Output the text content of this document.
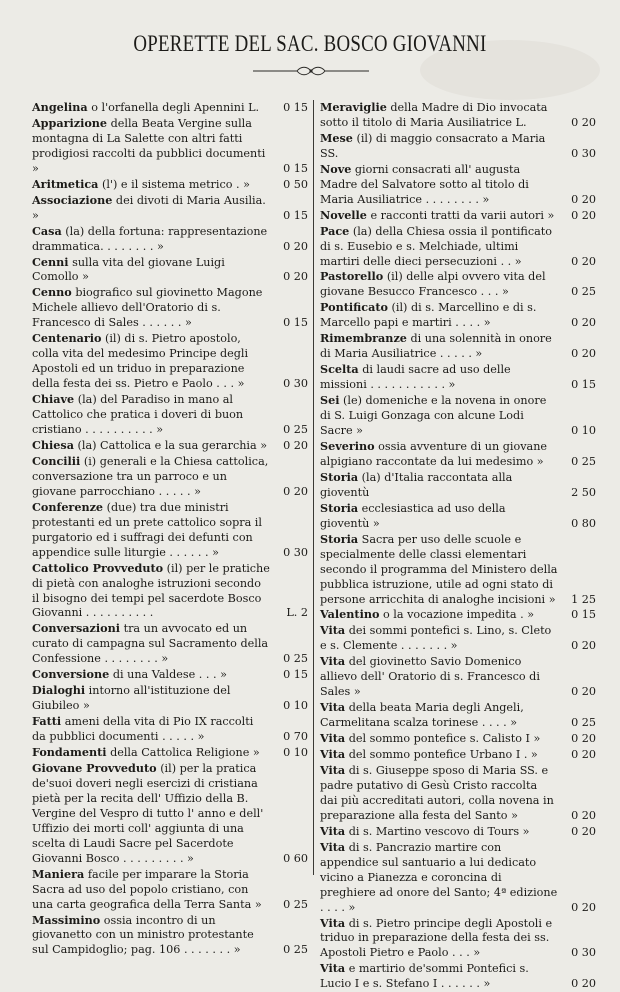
OPERETTE DEL SAC. BOSCO GIOVANNI
Angelina o l'orfanella degli Apennini L.	0 15
Apparizione della Beata Vergine sulla montagna di La Salette con altri fatti prodigiosi raccolti da pubblici documenti »	0 15
Aritmetica (l') e il sistema metrico . »	0 50
Associazione dei divoti di Maria Ausilia. »	0 15
Casa (la) della fortuna: rappresentazione drammatica. . . . . . . . »	0 20
Cenni sulla vita del giovane Luigi Comollo »	0 20
Cenno biografico sul giovinetto Magone Michele allievo dell'Oratorio di s. Francesco di Sales . . . . . . »	0 15
Centenario (il) di s. Pietro apostolo, colla vita del medesimo Principe degli Apostoli ed un triduo in preparazione della festa dei ss. Pietro e Paolo . . . »	0 30
Chiave (la) del Paradiso in mano al Cattolico che pratica i doveri di buon cristiano . . . . . . . . . . »	0 25
Chiesa (la) Cattolica e la sua gerarchia »	0 20
Concilii (i) generali e la Chiesa cattolica, conversazione tra un parroco e un giovane parrocchiano . . . . . »	0 20
Conferenze (due) tra due ministri protestanti ed un prete cattolico sopra il purgatorio ed i suffragi dei defunti con appendice sulle liturgie . . . . . . »	0 30
Cattolico Provveduto (il) per le pratiche di pietà con analoghe istruzioni secondo il bisogno dei tempi pel sacerdote Bosco Giovanni . . . . . . . . . .	L. 2
Conversazioni tra un avvocato ed un curato di campagna sul Sacramento della Confessione . . . . . . . . »	0 25
Conversione di una Valdese . . . »	0 15
Dialoghi intorno all'istituzione del Giubileo »	0 10
Fatti ameni della vita di Pio IX raccolti da pubblici documenti . . . . . »	0 70
Fondamenti della Cattolica Religione »	0 10
Giovane Provveduto (il) per la pratica de'suoi doveri negli esercizi di cristiana pietà per la recita dell' Uffizio della B. Vergine del Vespro di tutto l' anno e dell' Uffizio dei morti coll' aggiunta di una scelta di Laudi Sacre pel Sacerdote Giovanni Bosco . . . . . . . . . »	0 60
Maniera facile per imparare la Storia Sacra ad uso del popolo cristiano, con una carta geografica della Terra Santa »	0 25
Massimino ossia incontro di un giovanetto con un ministro protestante sul Campidoglio; pag. 106 . . . . . . . »	0 25
Meraviglie della Madre di Dio invocata sotto il titolo di Maria Ausiliatrice L.	0 20
Mese (il) di maggio consacrato a Maria SS.	0 30
Nove giorni consacrati all' augusta Madre del Salvatore sotto al titolo di Maria Ausiliatrice . . . . . . . . »	0 20
Novelle e racconti tratti da varii autori »	0 20
Pace (la) della Chiesa ossia il pontificato di s. Eusebio e s. Melchiade, ultimi martiri delle dieci persecuzioni . . »	0 20
Pastorello (il) delle alpi ovvero vita del giovane Besucco Francesco . . . »	0 25
Pontificato (il) di s. Marcellino e di s. Marcello papi e martiri . . . . »	0 20
Rimembranze di una solennità in onore di Maria Ausiliatrice . . . . . »	0 20
Scelta di laudi sacre ad uso delle missioni . . . . . . . . . . . »	0 15
Sei (le) domeniche e la novena in onore di S. Luigi Gonzaga con alcune Lodi Sacre »	0 10
Severino ossia avventure di un giovane alpigiano raccontate da lui medesimo »	0 25
Storia (la) d'Italia raccontata alla gioventù	2 50
Storia ecclesiastica ad uso della gioventù »	0 80
Storia Sacra per uso delle scuole e specialmente delle classi elementari secondo il programma del Ministero della pubblica istruzione, utile ad ogni stato di persone arricchita di analoghe incisioni »	1 25
Valentino o la vocazione impedita . »	0 15
Vita dei sommi pontefici s. Lino, s. Cleto e s. Clemente . . . . . . . »	0 20
Vita del giovinetto Savio Domenico allievo dell' Oratorio di s. Francesco di Sales »	0 20
Vita della beata Maria degli Angeli, Carmelitana scalza torinese . . . . »	0 25
Vita del sommo pontefice s. Calisto I »	0 20
Vita del sommo pontefice Urbano I . »	0 20
Vita di s. Giuseppe sposo di Maria SS. e padre putativo di Gesù Cristo raccolta dai più accreditati autori, colla novena in preparazione alla festa del Santo »	0 20
Vita di s. Martino vescovo di Tours »	0 20
Vita di s. Pancrazio martire con appendice sul santuario a lui dedicato vicino a Pianezza e coroncina di preghiere ad onore del Santo; 4ª edizione . . . . »	0 20
Vita di s. Pietro principe degli Apostoli e triduo in preparazione della festa dei ss. Apostoli Pietro e Paolo . . . »	0 30
Vita e martirio de'sommi Pontefici s. Lucio I e s. Stefano I . . . . . . »	0 20
